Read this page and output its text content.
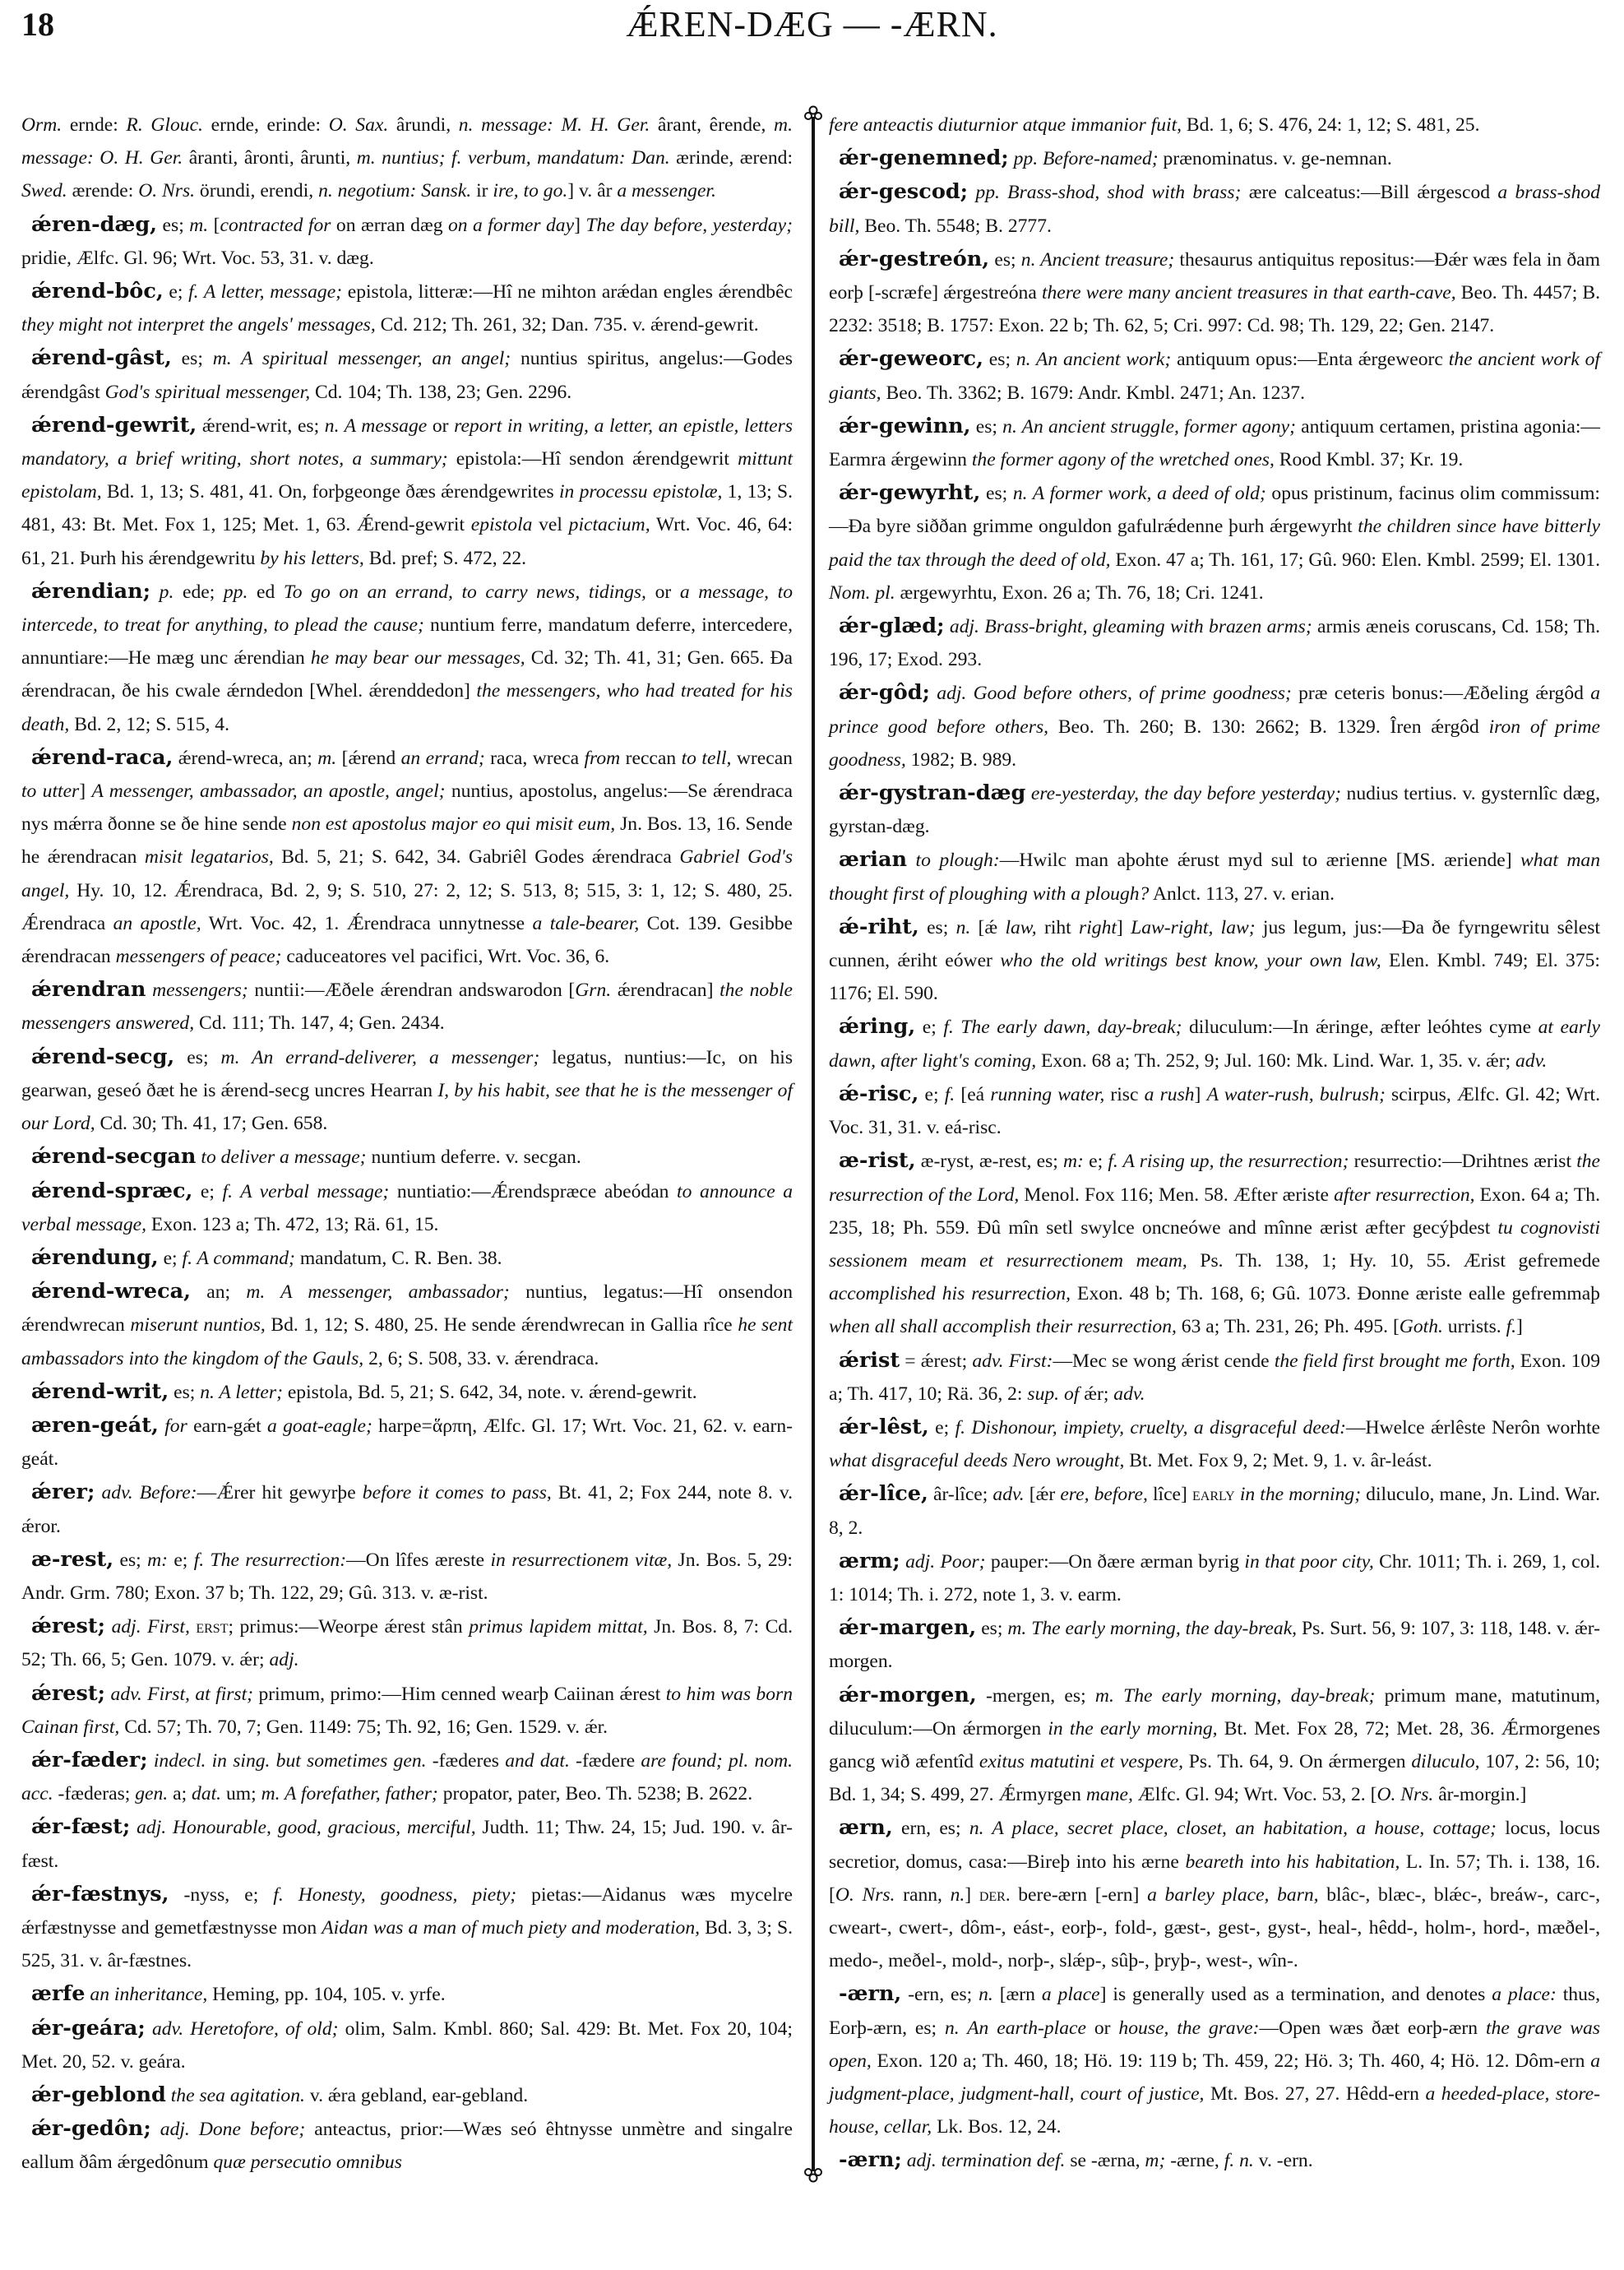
18	ǼREN-DÆG — -ÆRN.

Orm. ernde: R. Glouc. ernde, erinde: O. Sax. ârundi, n. message: M. H. Ger. ârant, êrende, m. message: O. H. Ger. âranti, âronti, ârunti, m. nuntius; f. verbum, mandatum: Dan. ærinde, ærend: Swed. ærende: O. Nrs. örundi, erendi, n. negotium: Sansk. ir ire, to go.] v. âr a messenger.

ǽren-dæg, es; m. [contracted for on ærran dæg on a former day] The day before, yesterday; pridie, Ælfc. Gl. 96; Wrt. Voc. 53, 31. v. dæg.

ǽrend-bôc, e; f. A letter, message; epistola, litteræ:—Hî ne mihton arǽdan engles ǽrendbêc they might not interpret the angels' messages, Cd. 212; Th. 261, 32; Dan. 735. v. ǽrend-gewrit.

ǽrend-gâst, es; m. A spiritual messenger, an angel; nuntius spiritus, angelus:—Godes ǽrendgâst God's spiritual messenger, Cd. 104; Th. 138, 23; Gen. 2296.

ǽrend-gewrit, ǽrend-writ, es; n. A message or report in writing, a letter, an epistle, letters mandatory, a brief writing, short notes, a summary; epistola:—Hî sendon ǽrendgewrit mittunt epistolam, Bd. 1, 13; S. 481, 41. On, forþgeonge ðæs ǽrendgewrites in processu epistolæ, 1, 13; S. 481, 43: Bt. Met. Fox 1, 125; Met. 1, 63. Ǽrend-gewrit epistola vel pictacium, Wrt. Voc. 46, 64: 61, 21. Þurh his ǽrendgewritu by his letters, Bd. pref; S. 472, 22.

ǽrendian; p. ede; pp. ed To go on an errand, to carry news, tidings, or a message, to intercede, to treat for anything, to plead the cause; nuntium ferre, mandatum deferre, intercedere, annuntiare:—He mæg unc ǽrendian he may bear our messages, Cd. 32; Th. 41, 31; Gen. 665. Ða ǽrendracan, ðe his cwale ǽrndedon [Whel. ǽrenddedon] the messengers, who had treated for his death, Bd. 2, 12; S. 515, 4.

ǽrend-raca, ǽrend-wreca, an; m. [ǽrend an errand; raca, wreca from reccan to tell, wrecan to utter] A messenger, ambassador, an apostle, angel; nuntius, apostolus, angelus:—Se ǽrendraca nys mǽrra ðonne se ðe hine sende non est apostolus major eo qui misit eum, Jn. Bos. 13, 16. Sende he ǽrendracan misit legatarios, Bd. 5, 21; S. 642, 34. Gabriêl Godes ǽrendraca Gabriel God's angel, Hy. 10, 12. Ǽrendraca, Bd. 2, 9; S. 510, 27: 2, 12; S. 513, 8; 515, 3: 1, 12; S. 480, 25. Ǽrendraca an apostle, Wrt. Voc. 42, 1. Ǽrendraca unnytnesse a tale-bearer, Cot. 139. Gesibbe ǽrendracan messengers of peace; caduceatores vel pacifici, Wrt. Voc. 36, 6.

ǽrendran messengers; nuntii:—Æðele ǽrendran andswarodon [Grn. ǽrendracan] the noble messengers answered, Cd. 111; Th. 147, 4; Gen. 2434.

ǽrend-secg, es; m. An errand-deliverer, a messenger; legatus, nuntius:—Ic, on his gearwan, geseó ðæt he is ǽrend-secg uncres Hearran I, by his habit, see that he is the messenger of our Lord, Cd. 30; Th. 41, 17; Gen. 658.

ǽrend-secgan to deliver a message; nuntium deferre. v. secgan.

ǽrend-spræc, e; f. A verbal message; nuntiatio:—Ǽrendspræce abeódan to announce a verbal message, Exon. 123 a; Th. 472, 13; Rä. 61, 15.

ǽrendung, e; f. A command; mandatum, C. R. Ben. 38.

ǽrend-wreca, an; m. A messenger, ambassador; nuntius, legatus:—Hî onsendon ǽrendwrecan miserunt nuntios, Bd. 1, 12; S. 480, 25. He sende ǽrendwrecan in Gallia rîce he sent ambassadors into the kingdom of the Gauls, 2, 6; S. 508, 33. v. ǽrendraca.

ǽrend-writ, es; n. A letter; epistola, Bd. 5, 21; S. 642, 34, note. v. ǽrend-gewrit.

æren-geát, for earn-gǽt a goat-eagle; harpe=ἅρπη, Ælfc. Gl. 17; Wrt. Voc. 21, 62. v. earn-geát.

ǽrer; adv. Before:—Ǽrer hit gewyrþe before it comes to pass, Bt. 41, 2; Fox 244, note 8. v. ǽror.

æ-rest, es; m: e; f. The resurrection:—On lîfes æreste in resurrectionem vitæ, Jn. Bos. 5, 29: Andr. Grm. 780; Exon. 37 b; Th. 122, 29; Gû. 313. v. æ-rist.

ǽrest; adj. First, erst; primus:—Weorpe ǽrest stân primus lapidem mittat, Jn. Bos. 8, 7: Cd. 52; Th. 66, 5; Gen. 1079. v. ǽr; adj.

ǽrest; adv. First, at first; primum, primo:—Him cenned wearþ Caiinan ǽrest to him was born Cainan first, Cd. 57; Th. 70, 7; Gen. 1149: 75; Th. 92, 16; Gen. 1529. v. ǽr.

ǽr-fæder; indecl. in sing. but sometimes gen. -fæderes and dat. -fædere are found; pl. nom. acc. -fæderas; gen. a; dat. um; m. A forefather, father; propator, pater, Beo. Th. 5238; B. 2622.

ǽr-fæst; adj. Honourable, good, gracious, merciful, Judth. 11; Thw. 24, 15; Jud. 190. v. âr-fæst.

ǽr-fæstnys, -nyss, e; f. Honesty, goodness, piety; pietas:—Aidanus wæs mycelre ǽrfæstnysse and gemetfæstnysse mon Aidan was a man of much piety and moderation, Bd. 3, 3; S. 525, 31. v. âr-fæstnes.

ærfe an inheritance, Heming, pp. 104, 105. v. yrfe.

ǽr-geára; adv. Heretofore, of old; olim, Salm. Kmbl. 860; Sal. 429: Bt. Met. Fox 20, 104; Met. 20, 52. v. geára.

ǽr-geblond the sea agitation. v. ǽra gebland, ear-gebland.

ǽr-gedôn; adj. Done before; anteactus, prior:—Wæs seó êhtnysse unmètre and singalre eallum ðâm ǽrgedônum quæ persecutio omnibus

fere anteactis diuturnior atque immanior fuit, Bd. 1, 6; S. 476, 24: 1, 12; S. 481, 25.

ǽr-genemned; pp. Before-named; prænominatus. v. ge-nemnan.

ǽr-gescod; pp. Brass-shod, shod with brass; ære calceatus:—Bill ǽrgescod a brass-shod bill, Beo. Th. 5548; B. 2777.

ǽr-gestreón, es; n. Ancient treasure; thesaurus antiquitus repositus:—Ðǽr wæs fela in ðam eorþ [-scræfe] ǽrgestreóna there were many ancient treasures in that earth-cave, Beo. Th. 4457; B. 2232: 3518; B. 1757: Exon. 22 b; Th. 62, 5; Cri. 997: Cd. 98; Th. 129, 22; Gen. 2147.

ǽr-geweorc, es; n. An ancient work; antiquum opus:—Enta ǽrgeweorc the ancient work of giants, Beo. Th. 3362; B. 1679: Andr. Kmbl. 2471; An. 1237.

ǽr-gewinn, es; n. An ancient struggle, former agony; antiquum certamen, pristina agonia:—Earmra ǽrgewinn the former agony of the wretched ones, Rood Kmbl. 37; Kr. 19.

ǽr-gewyrht, es; n. A former work, a deed of old; opus pristinum, facinus olim commissum:—Ða byre siððan grimme onguldon gafulrǽdenne þurh ǽrgewyrht the children since have bitterly paid the tax through the deed of old, Exon. 47 a; Th. 161, 17; Gû. 960: Elen. Kmbl. 2599; El. 1301. Nom. pl. ærgewyrhtu, Exon. 26 a; Th. 76, 18; Cri. 1241.

ǽr-glæd; adj. Brass-bright, gleaming with brazen arms; armis æneis coruscans, Cd. 158; Th. 196, 17; Exod. 293.

ǽr-gôd; adj. Good before others, of prime goodness; præ ceteris bonus:—Æðeling ǽrgôd a prince good before others, Beo. Th. 260; B. 130: 2662; B. 1329. Îren ǽrgôd iron of prime goodness, 1982; B. 989.

ǽr-gystran-dæg ere-yesterday, the day before yesterday; nudius tertius. v. gysternlîc dæg, gyrstan-dæg.

ærian to plough:—Hwilc man aþohte ǽrust myd sul to ærienne [MS. æriende] what man thought first of ploughing with a plough? Anlct. 113, 27. v. erian.

ǽ-riht, es; n. [ǽ law, riht right] Law-right, law; jus legum, jus:—Ða ðe fyrngewritu sêlest cunnen, ǽriht eówer who the old writings best know, your own law, Elen. Kmbl. 749; El. 375: 1176; El. 590.

ǽring, e; f. The early dawn, day-break; diluculum:—In ǽringe, æfter leóhtes cyme at early dawn, after light's coming, Exon. 68 a; Th. 252, 9; Jul. 160: Mk. Lind. War. 1, 35. v. ǽr; adv.

ǽ-risc, e; f. [eá running water, risc a rush] A water-rush, bulrush; scirpus, Ælfc. Gl. 42; Wrt. Voc. 31, 31. v. eá-risc.

æ-rist, æ-ryst, æ-rest, es; m: e; f. A rising up, the resurrection; resurrectio:—Drihtnes ærist the resurrection of the Lord, Menol. Fox 116; Men. 58. Æfter æriste after resurrection, Exon. 64 a; Th. 235, 18; Ph. 559. Ðû mîn setl swylce oncneówe and mînne ærist æfter gecýþdest tu cognovisti sessionem meam et resurrectionem meam, Ps. Th. 138, 1; Hy. 10, 55. Ærist gefremede accomplished his resurrection, Exon. 48 b; Th. 168, 6; Gû. 1073. Ðonne æriste ealle gefremmaþ when all shall accomplish their resurrection, 63 a; Th. 231, 26; Ph. 495. [Goth. urrists. f.]

ǽrist = ǽrest; adv. First:—Mec se wong ǽrist cende the field first brought me forth, Exon. 109 a; Th. 417, 10; Rä. 36, 2: sup. of ǽr; adv.

ǽr-lêst, e; f. Dishonour, impiety, cruelty, a disgraceful deed:—Hwelce ǽrlêste Nerôn worhte what disgraceful deeds Nero wrought, Bt. Met. Fox 9, 2; Met. 9, 1. v. âr-leást.

ǽr-lîce, âr-lîce; adv. [ǽr ere, before, lîce] early in the morning; diluculo, mane, Jn. Lind. War. 8, 2.

ærm; adj. Poor; pauper:—On ðære ærman byrig in that poor city, Chr. 1011; Th. i. 269, 1, col. 1: 1014; Th. i. 272, note 1, 3. v. earm.

ǽr-margen, es; m. The early morning, the day-break, Ps. Surt. 56, 9: 107, 3: 118, 148. v. ǽr-morgen.

ǽr-morgen, -mergen, es; m. The early morning, day-break; primum mane, matutinum, diluculum:—On ǽrmorgen in the early morning, Bt. Met. Fox 28, 72; Met. 28, 36. Ǽrmorgenes gancg wið æfentîd exitus matutini et vespere, Ps. Th. 64, 9. On ǽrmergen diluculo, 107, 2: 56, 10; Bd. 1, 34; S. 499, 27. Ǽrmyrgen mane, Ælfc. Gl. 94; Wrt. Voc. 53, 2. [O. Nrs. âr-morgin.]

ærn, ern, es; n. A place, secret place, closet, an habitation, a house, cottage; locus, locus secretior, domus, casa:—Bireþ into his ærne beareth into his habitation, L. In. 57; Th. i. 138, 16. [O. Nrs. rann, n.] der. bere-ærn [-ern] a barley place, barn, blâc-, blæc-, blǽc-, breáw-, carc-, cweart-, cwert-, dôm-, eást-, eorþ-, fold-, gæst-, gest-, gyst-, heal-, hêdd-, holm-, hord-, mæðel-, medo-, meðel-, mold-, norþ-, slǽp-, sûþ-, þryþ-, west-, wîn-.

-ærn, -ern, es; n. [ærn a place] is generally used as a termination, and denotes a place: thus, Eorþ-ærn, es; n. An earth-place or house, the grave:—Open wæs ðæt eorþ-ærn the grave was open, Exon. 120 a; Th. 460, 18; Hö. 19: 119 b; Th. 459, 22; Hö. 3; Th. 460, 4; Hö. 12. Dôm-ern a judgment-place, judgment-hall, court of justice, Mt. Bos. 27, 27. Hêdd-ern a heeded-place, store-house, cellar, Lk. Bos. 12, 24.

-ærn; adj. termination def. se -ærna, m; -ærne, f. n. v. -ern.
